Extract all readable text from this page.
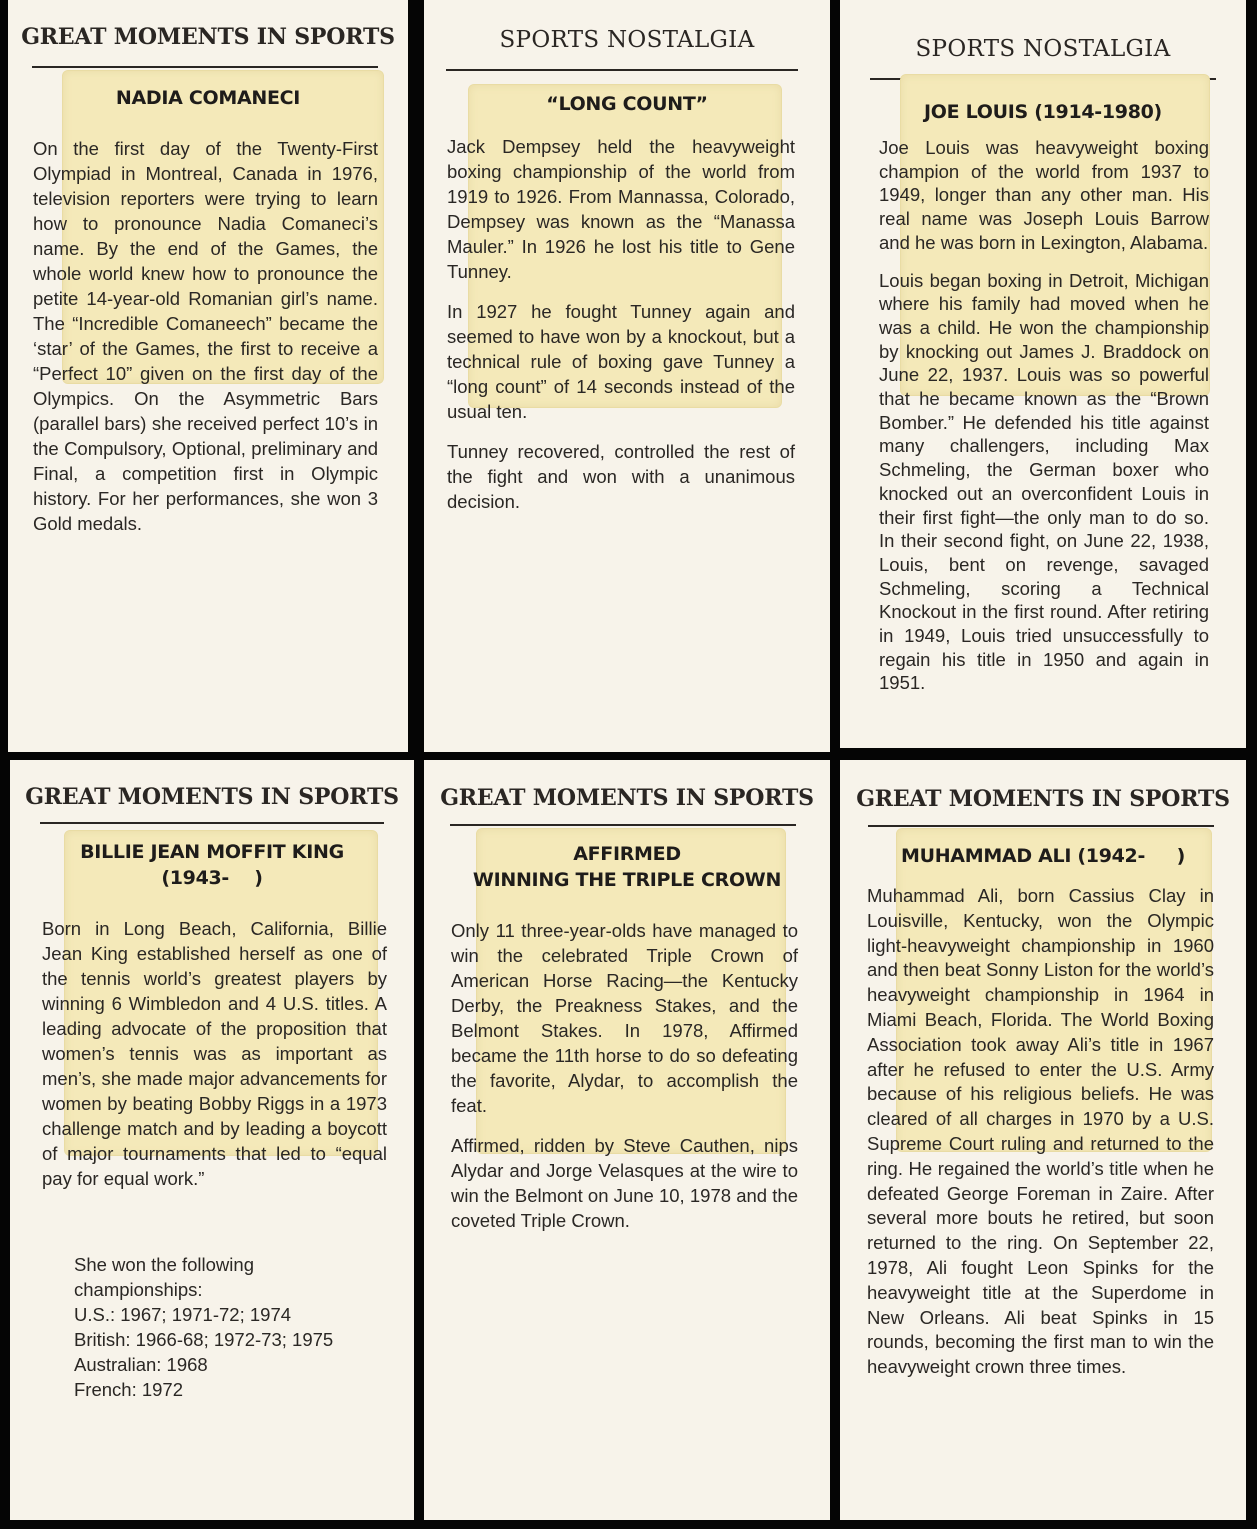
GREAT MOMENTS IN SPORTS
NADIA COMANECI

On the first day of the Twenty-First Olympiad in Montreal, Canada in 1976, television reporters were trying to learn how to pronounce Nadia Comaneci’s name. By the end of the Games, the whole world knew how to pronounce the petite 14-year-old Romanian girl’s name. The “Incredible Comaneech” became the ‘star’ of the Games, the first to receive a “Perfect 10” given on the first day of the Olympics. On the Asymmetric Bars (parallel bars) she received perfect 10’s in the Compulsory, Optional, preliminary and Final, a competition first in Olympic history. For her performances, she won 3 Gold medals.

SPORTS NOSTALGIA
“LONG COUNT”

Jack Dempsey held the heavyweight boxing championship of the world from 1919 to 1926. From Mannassa, Colorado, Dempsey was known as the “Manassa Mauler.” In 1926 he lost his title to Gene Tunney.

In 1927 he fought Tunney again and seemed to have won by a knockout, but a technical rule of boxing gave Tunney a “long count” of 14 seconds instead of the usual ten.

Tunney recovered, controlled the rest of the fight and won with a unanimous decision.

SPORTS NOSTALGIA
JOE LOUIS (1914-1980)

Joe Louis was heavyweight boxing champion of the world from 1937 to 1949, longer than any other man. His real name was Joseph Louis Barrow and he was born in Lexington, Alabama.

Louis began boxing in Detroit, Michigan where his family had moved when he was a child. He won the championship by knocking out James J. Braddock on June 22, 1937. Louis was so powerful that he became known as the “Brown Bomber.” He defended his title against many challengers, including Max Schmeling, the German boxer who knocked out an overconfident Louis in their first fight—the only man to do so. In their second fight, on June 22, 1938, Louis, bent on revenge, savaged Schmeling, scoring a Technical Knockout in the first round. After retiring in 1949, Louis tried unsuccessfully to regain his title in 1950 and again in 1951.

GREAT MOMENTS IN SPORTS
BILLIE JEAN MOFFIT KING
(1943-    )

Born in Long Beach, California, Billie Jean King established herself as one of the tennis world’s greatest players by winning 6 Wimbledon and 4 U.S. titles. A leading advocate of the proposition that women’s tennis was as important as men’s, she made major advancements for women by beating Bobby Riggs in a 1973 challenge match and by leading a boycott of major tournaments that led to “equal pay for equal work.”

She won the following
championships:
U.S.: 1967; 1971-72; 1974
British: 1966-68; 1972-73; 1975
Australian: 1968
French: 1972
GREAT MOMENTS IN SPORTS
AFFIRMED
WINNING THE TRIPLE CROWN

Only 11 three-year-olds have managed to win the celebrated Triple Crown of American Horse Racing—the Kentucky Derby, the Preakness Stakes, and the Belmont Stakes. In 1978, Affirmed became the 11th horse to do so defeating the favorite, Alydar, to accomplish the feat.

Affirmed, ridden by Steve Cauthen, nips Alydar and Jorge Velasques at the wire to win the Belmont on June 10, 1978 and the coveted Triple Crown.

GREAT MOMENTS IN SPORTS
MUHAMMAD ALI (1942-     )

Muhammad Ali, born Cassius Clay in Louisville, Kentucky, won the Olympic light-heavyweight championship in 1960 and then beat Sonny Liston for the world’s heavyweight championship in 1964 in Miami Beach, Florida. The World Boxing Association took away Ali’s title in 1967 after he refused to enter the U.S. Army because of his religious beliefs. He was cleared of all charges in 1970 by a U.S. Supreme Court ruling and returned to the ring. He regained the world’s title when he defeated George Foreman in Zaire. After several more bouts he retired, but soon returned to the ring. On September 22, 1978, Ali fought Leon Spinks for the heavyweight title at the Superdome in New Orleans. Ali beat Spinks in 15 rounds, becoming the first man to win the heavyweight crown three times.
